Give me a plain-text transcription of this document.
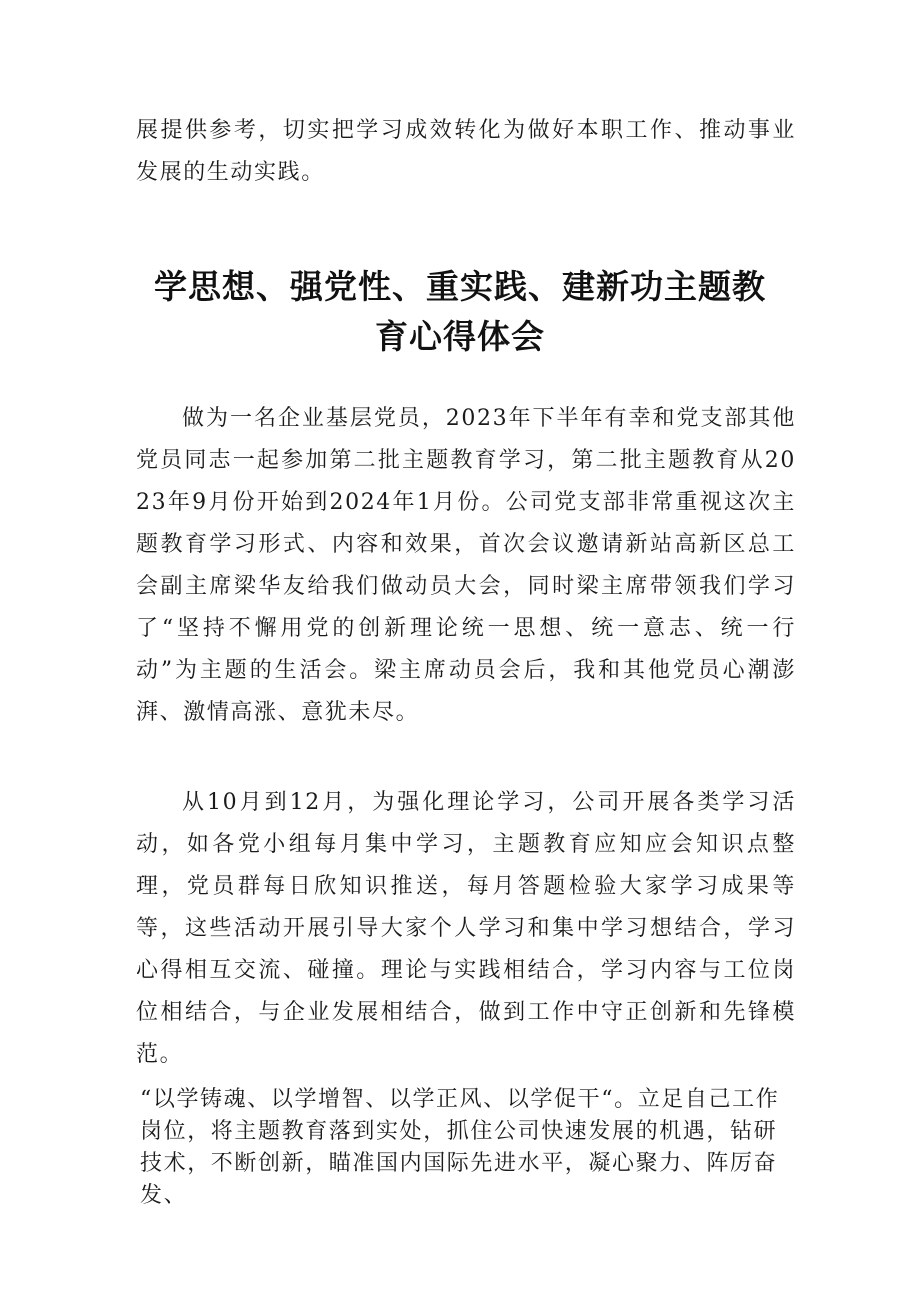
展提供参考，切实把学习成效转化为做好本职工作、推动事业发展的生动实践。

学思想、强党性、重实践、建新功主题教育心得体会

做为一名企业基层党员，2023年下半年有幸和党支部其他党员同志一起参加第二批主题教育学习，第二批主题教育从2023年9月份开始到2024年1月份。公司党支部非常重视这次主题教育学习形式、内容和效果，首次会议邀请新站高新区总工会副主席梁华友给我们做动员大会，同时梁主席带领我们学习了“坚持不懈用党的创新理论统一思想、统一意志、统一行动”为主题的生活会。梁主席动员会后，我和其他党员心潮澎湃、激情高涨、意犹未尽。

从10月到12月，为强化理论学习，公司开展各类学习活动，如各党小组每月集中学习，主题教育应知应会知识点整理，党员群每日欣知识推送，每月答题检验大家学习成果等等，这些活动开展引导大家个人学习和集中学习想结合，学习心得相互交流、碰撞。理论与实践相结合，学习内容与工位岗位相结合，与企业发展相结合，做到工作中守正创新和先锋模范。

“以学铸魂、以学增智、以学正风、以学促干“。立足自己工作岗位，将主题教育落到实处，抓住公司快速发展的机遇，钻研技术，不断创新，瞄准国内国际先进水平，凝心聚力、阵厉奋发、
